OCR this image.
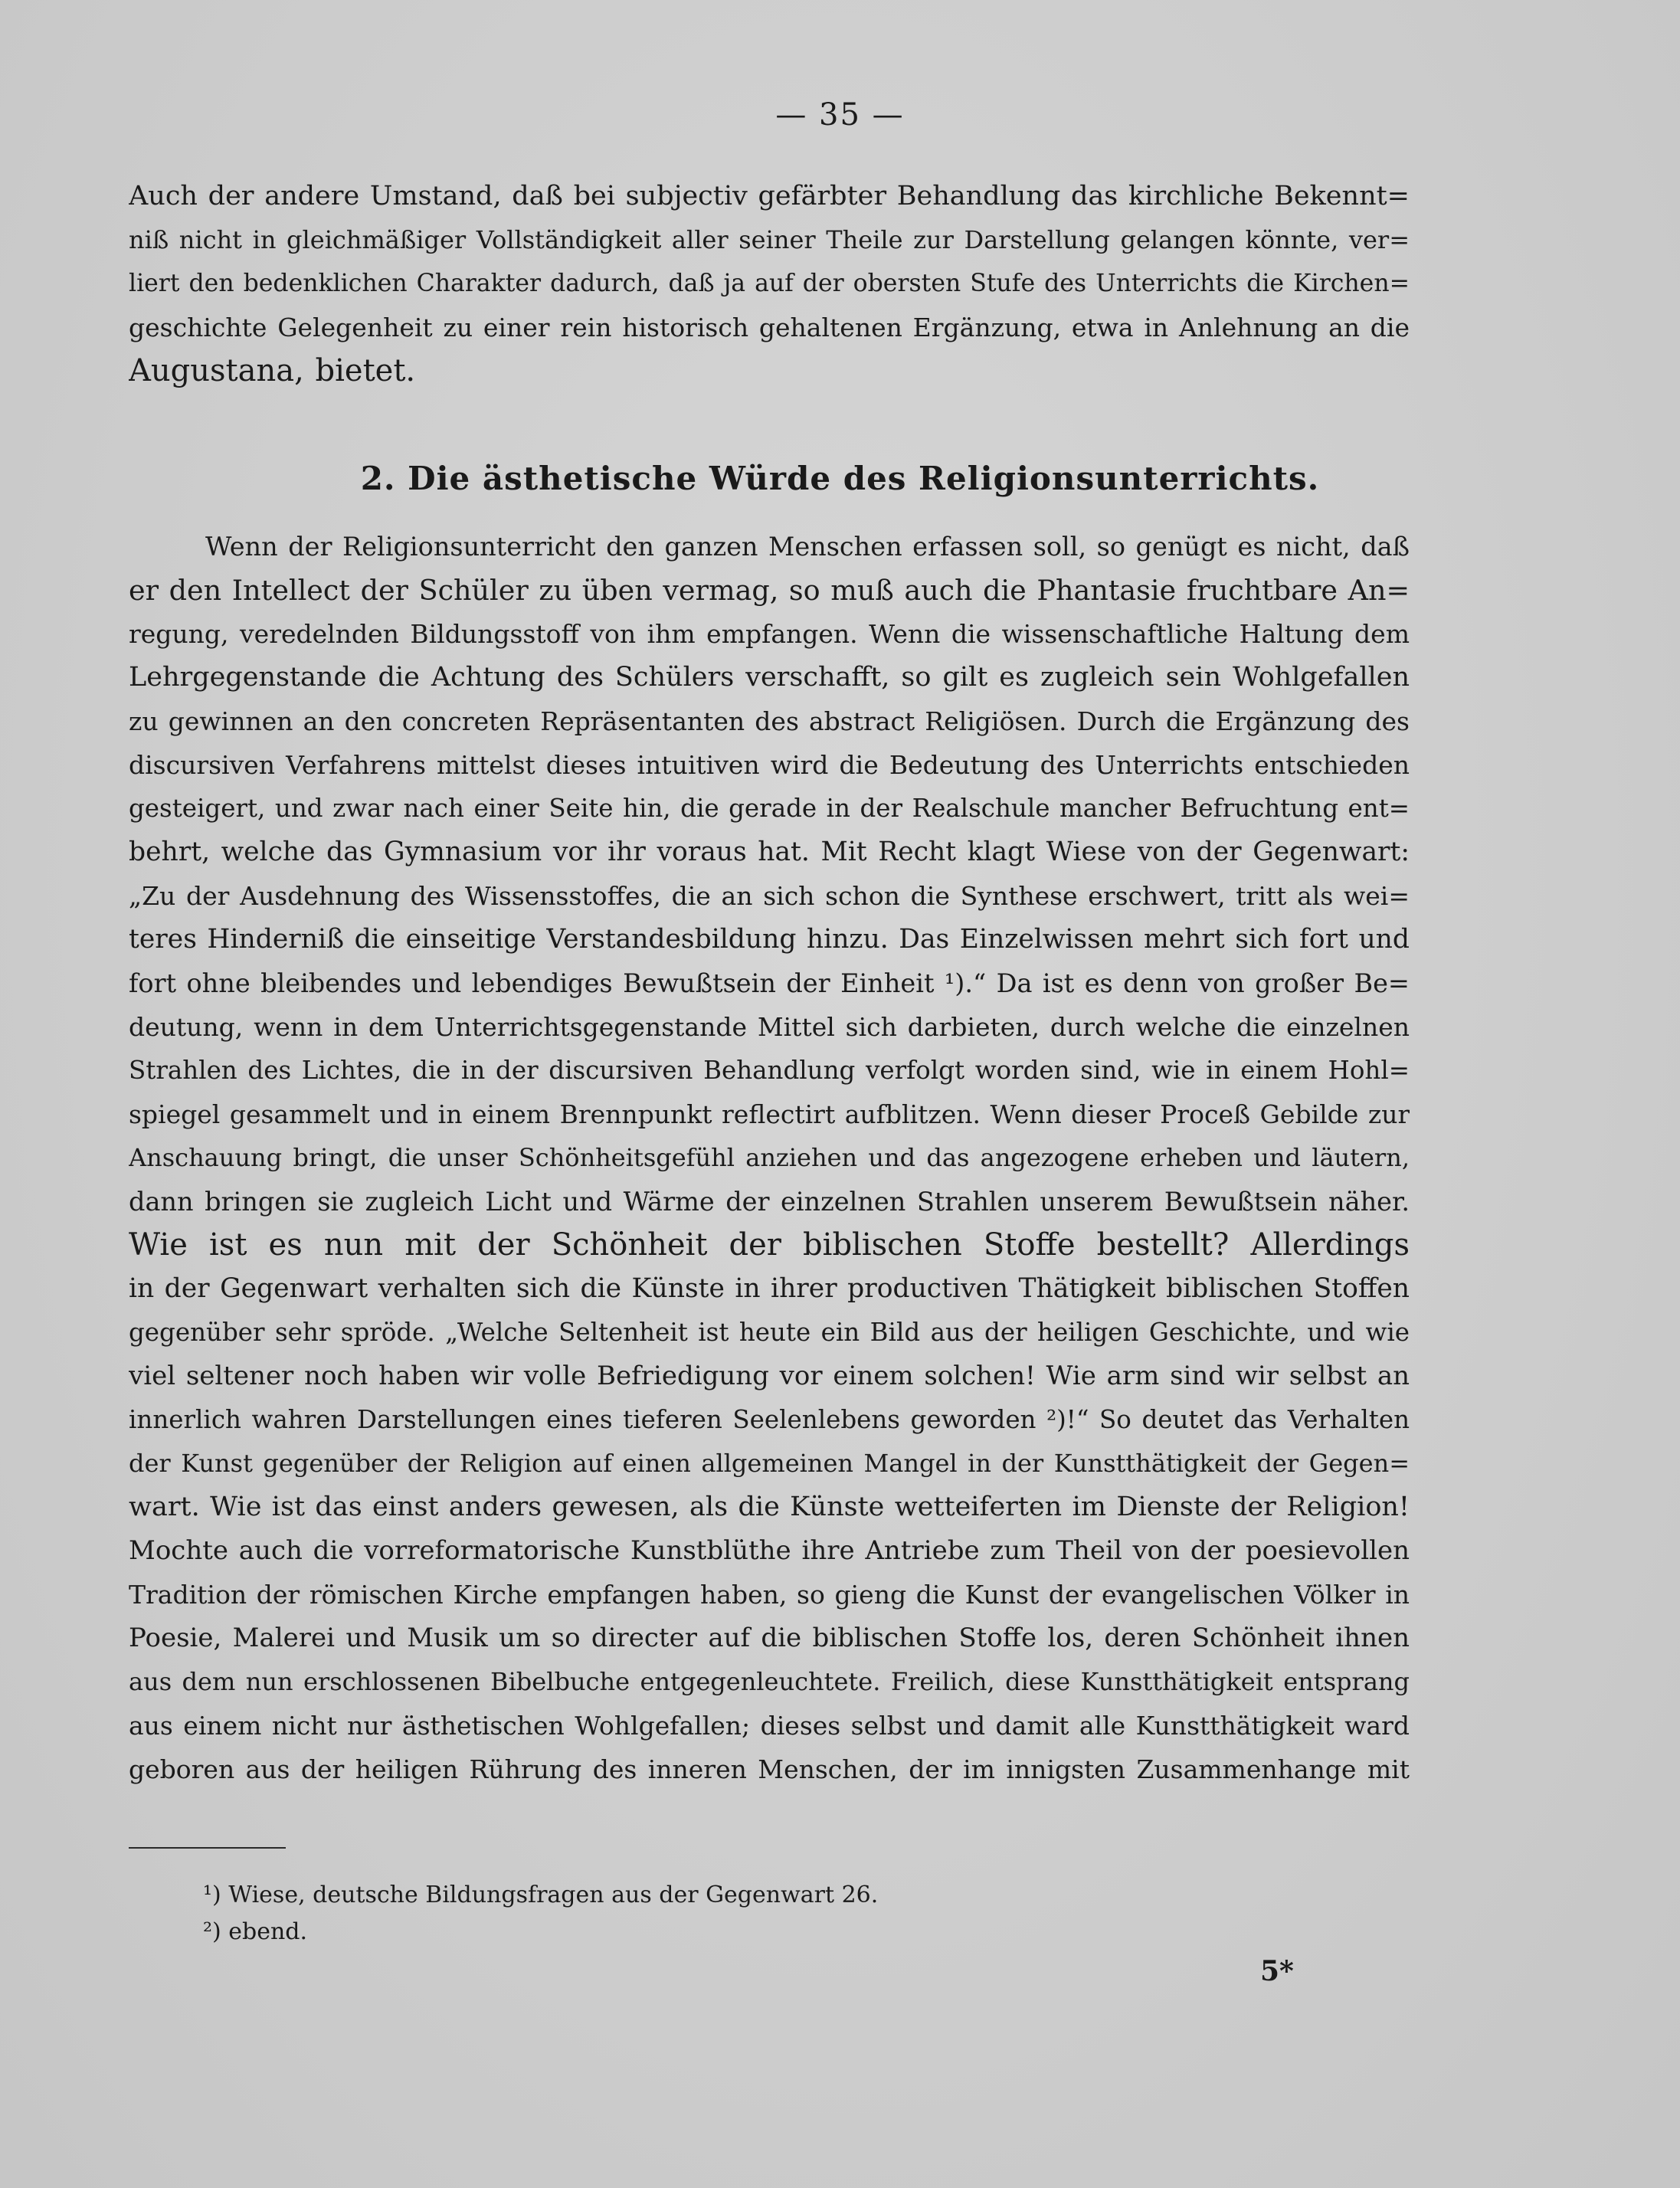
— 35 —
Auch der andere Umstand, daß bei subjectiv gefärbter Behandlung das kirchliche Bekennt=
niß nicht in gleichmäßiger Vollständigkeit aller seiner Theile zur Darstellung gelangen könnte, ver=
liert den bedenklichen Charakter dadurch, daß ja auf der obersten Stufe des Unterrichts die Kirchen=
geschichte Gelegenheit zu einer rein historisch gehaltenen Ergänzung, etwa in Anlehnung an die
Augustana, bietet.
2. Die ästhetische Würde des Religionsunterrichts.
Wenn der Religionsunterricht den ganzen Menschen erfassen soll, so genügt es nicht, daß
er den Intellect der Schüler zu üben vermag, so muß auch die Phantasie fruchtbare An=
regung, veredelnden Bildungsstoff von ihm empfangen. Wenn die wissenschaftliche Haltung dem
Lehrgegenstande die Achtung des Schülers verschafft, so gilt es zugleich sein Wohlgefallen
zu gewinnen an den concreten Repräsentanten des abstract Religiösen. Durch die Ergänzung des
discursiven Verfahrens mittelst dieses intuitiven wird die Bedeutung des Unterrichts entschieden
gesteigert, und zwar nach einer Seite hin, die gerade in der Realschule mancher Befruchtung ent=
behrt, welche das Gymnasium vor ihr voraus hat. Mit Recht klagt Wiese von der Gegenwart:
„Zu der Ausdehnung des Wissensstoffes, die an sich schon die Synthese erschwert, tritt als wei=
teres Hinderniß die einseitige Verstandesbildung hinzu. Das Einzelwissen mehrt sich fort und
fort ohne bleibendes und lebendiges Bewußtsein der Einheit ¹).“ Da ist es denn von großer Be=
deutung, wenn in dem Unterrichtsgegenstande Mittel sich darbieten, durch welche die einzelnen
Strahlen des Lichtes, die in der discursiven Behandlung verfolgt worden sind, wie in einem Hohl=
spiegel gesammelt und in einem Brennpunkt reflectirt aufblitzen. Wenn dieser Proceß Gebilde zur
Anschauung bringt, die unser Schönheitsgefühl anziehen und das angezogene erheben und läutern,
dann bringen sie zugleich Licht und Wärme der einzelnen Strahlen unserem Bewußtsein näher.
Wie ist es nun mit der Schönheit der biblischen Stoffe bestellt? Allerdings
in der Gegenwart verhalten sich die Künste in ihrer productiven Thätigkeit biblischen Stoffen
gegenüber sehr spröde. „Welche Seltenheit ist heute ein Bild aus der heiligen Geschichte, und wie
viel seltener noch haben wir volle Befriedigung vor einem solchen! Wie arm sind wir selbst an
innerlich wahren Darstellungen eines tieferen Seelenlebens geworden ²)!“ So deutet das Verhalten
der Kunst gegenüber der Religion auf einen allgemeinen Mangel in der Kunstthätigkeit der Gegen=
wart. Wie ist das einst anders gewesen, als die Künste wetteiferten im Dienste der Religion!
Mochte auch die vorreformatorische Kunstblüthe ihre Antriebe zum Theil von der poesievollen
Tradition der römischen Kirche empfangen haben, so gieng die Kunst der evangelischen Völker in
Poesie, Malerei und Musik um so directer auf die biblischen Stoffe los, deren Schönheit ihnen
aus dem nun erschlossenen Bibelbuche entgegenleuchtete. Freilich, diese Kunstthätigkeit entsprang
aus einem nicht nur ästhetischen Wohlgefallen; dieses selbst und damit alle Kunstthätigkeit ward
geboren aus der heiligen Rührung des inneren Menschen, der im innigsten Zusammenhange mit
¹) Wiese, deutsche Bildungsfragen aus der Gegenwart 26.
²) ebend.
5*
